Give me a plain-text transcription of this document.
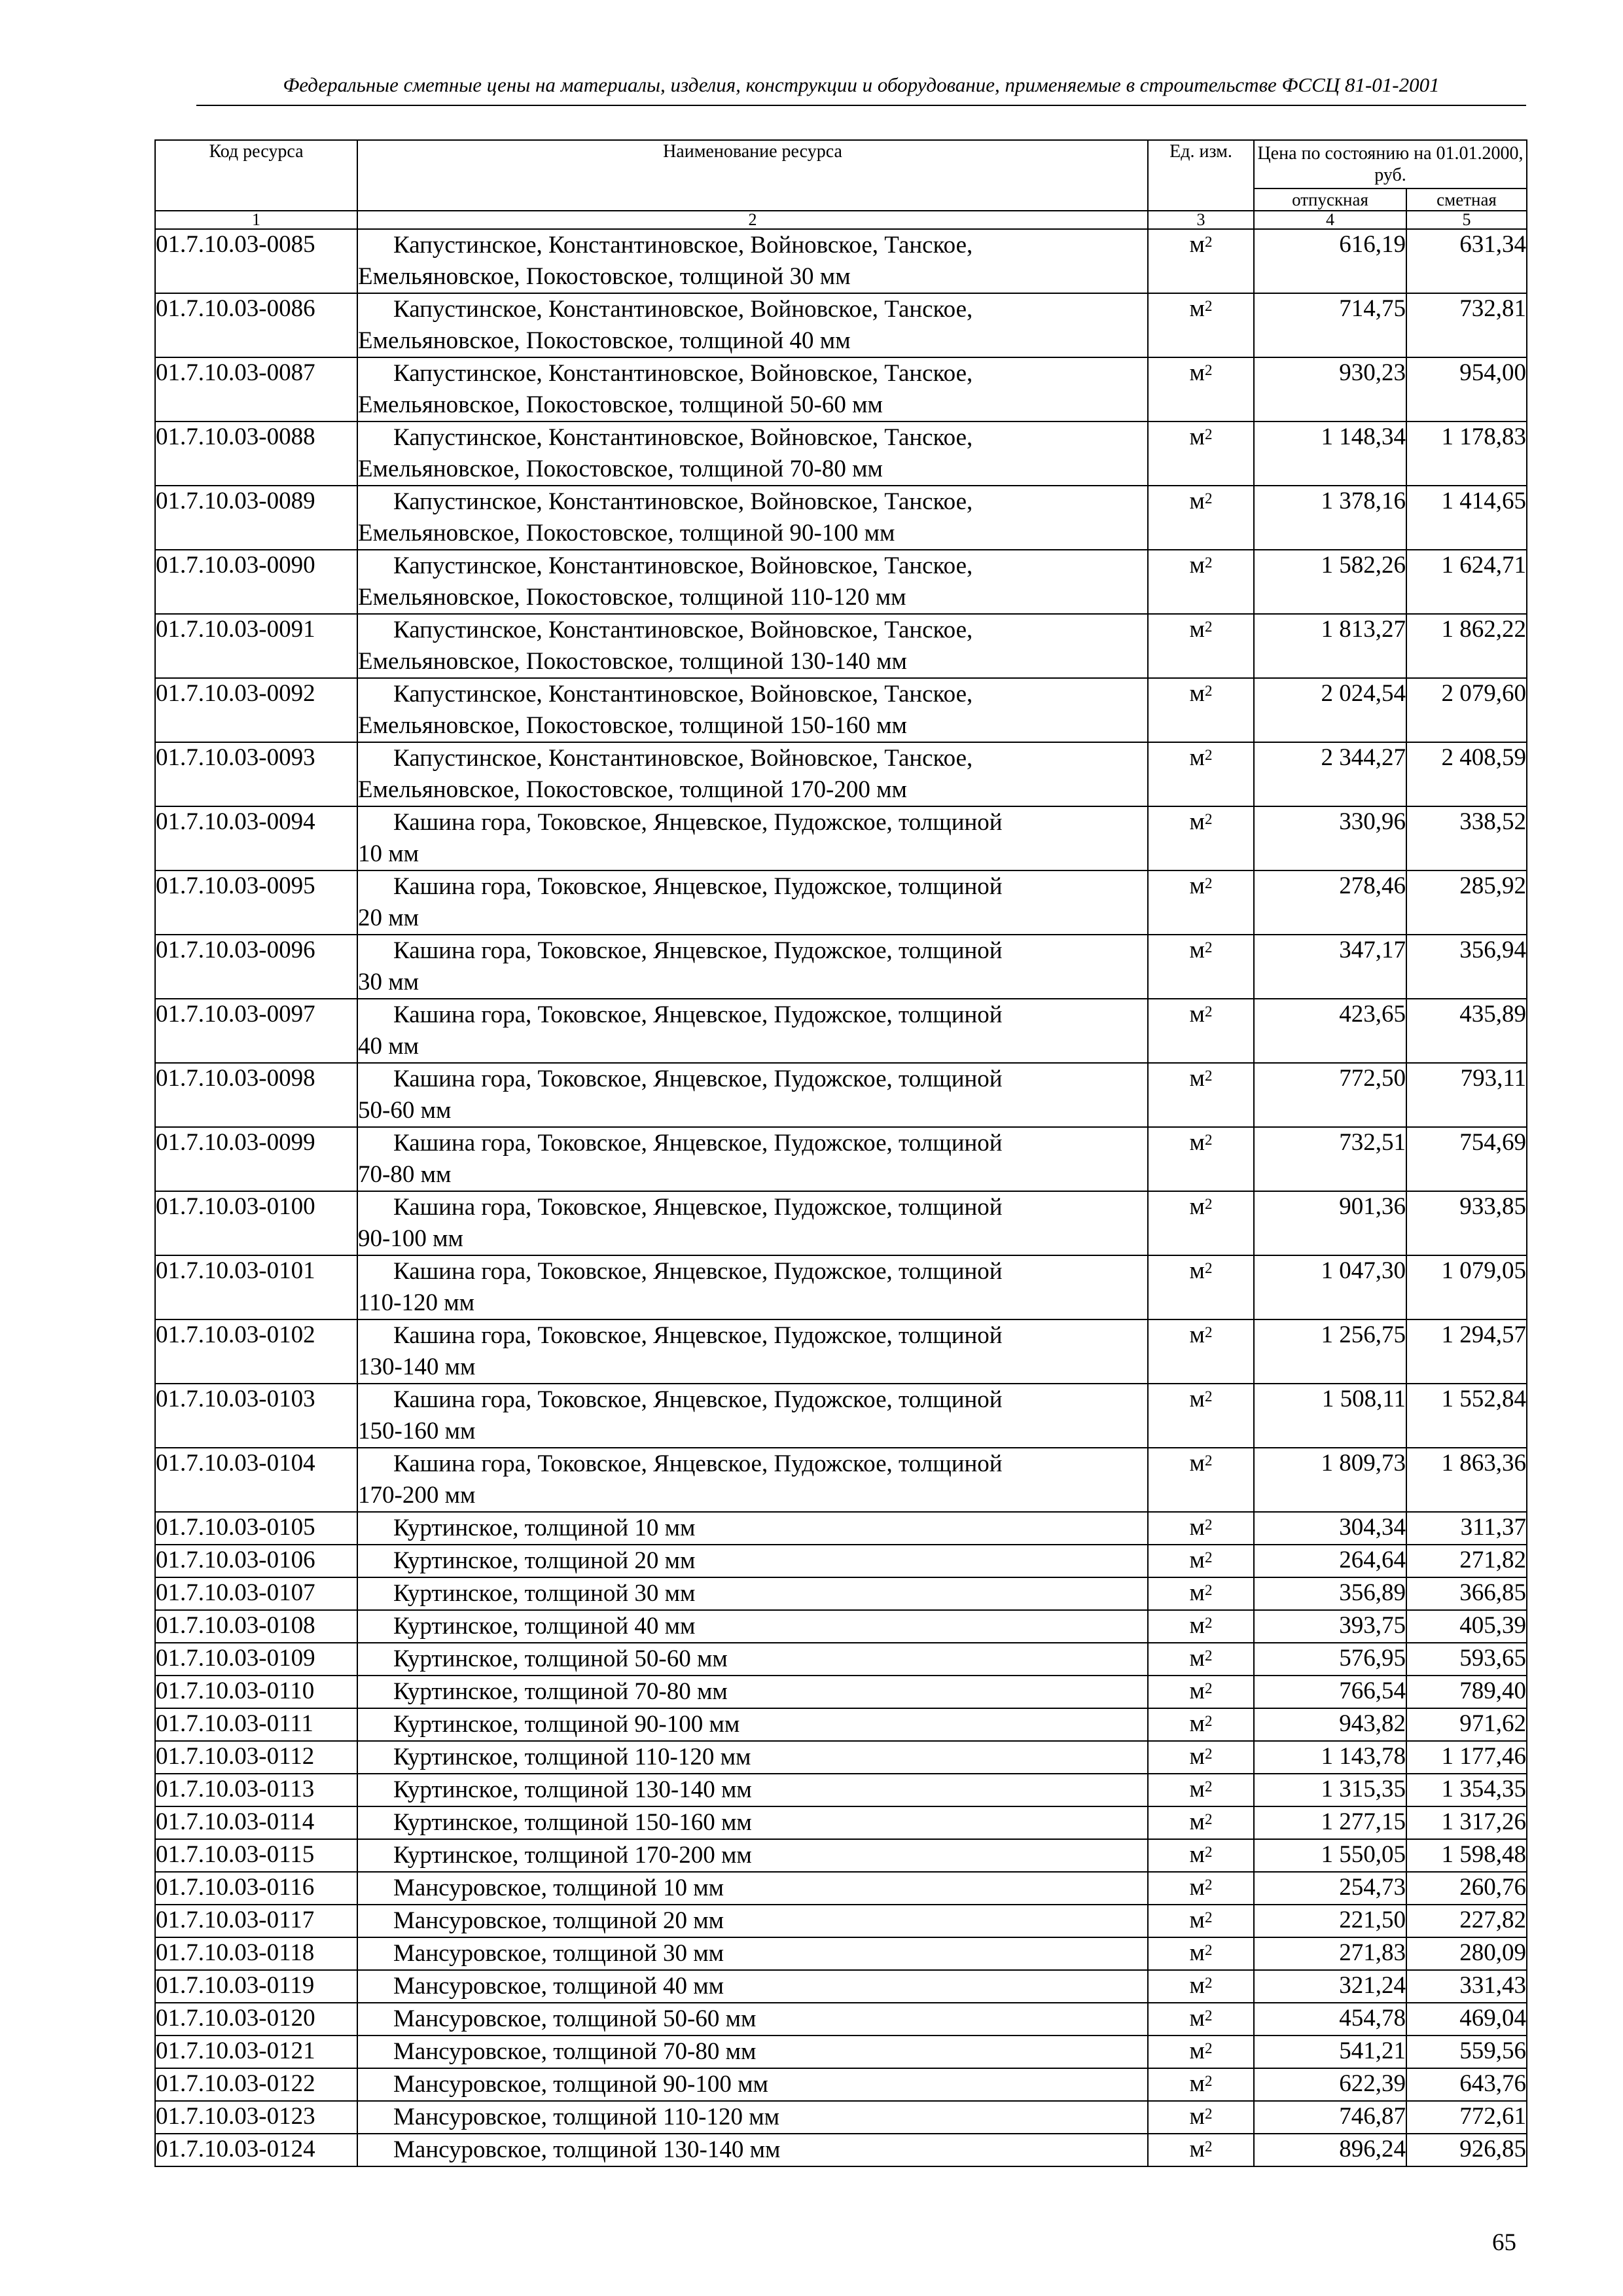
Федеральные сметные цены на материалы, изделия, конструкции и оборудование, применяемые в строительстве ФССЦ 81-01-2001
Код ресурса	Наименование ресурса	Ед. изм.	Цена по состоянию на 01.01.2000, руб.	
			отпускная	сметная
1	2	3	4	5
01.7.10.03-0085	Капустинское, Константиновское, Войновское, Танское,
Емельяновское, Покостовское, толщиной 30 мм	$м^2$	616,19	631,34
01.7.10.03-0086	Капустинское, Константиновское, Войновское, Танское,
Емельяновское, Покостовское, толщиной 40 мм	$м^2$	714,75	732,81
01.7.10.03-0087	Капустинское, Константиновское, Войновское, Танское,
Емельяновское, Покостовское, толщиной 50-60 мм	$м^2$	930,23	954,00
01.7.10.03-0088	Капустинское, Константиновское, Войновское, Танское,
Емельяновское, Покостовское, толщиной 70-80 мм	$м^2$	1 148,34	1 178,83
01.7.10.03-0089	Капустинское, Константиновское, Войновское, Танское,
Емельяновское, Покостовское, толщиной 90-100 мм	$м^2$	1 378,16	1 414,65
01.7.10.03-0090	Капустинское, Константиновское, Войновское, Танское,
Емельяновское, Покостовское, толщиной 110-120 мм	$м^2$	1 582,26	1 624,71
01.7.10.03-0091	Капустинское, Константиновское, Войновское, Танское,
Емельяновское, Покостовское, толщиной 130-140 мм	$м^2$	1 813,27	1 862,22
01.7.10.03-0092	Капустинское, Константиновское, Войновское, Танское,
Емельяновское, Покостовское, толщиной 150-160 мм	$м^2$	2 024,54	2 079,60
01.7.10.03-0093	Капустинское, Константиновское, Войновское, Танское,
Емельяновское, Покостовское, толщиной 170-200 мм	$м^2$	2 344,27	2 408,59
01.7.10.03-0094	Кашина гора, Токовское, Янцевское, Пудожское, толщиной
10 мм	$м^2$	330,96	338,52
01.7.10.03-0095	Кашина гора, Токовское, Янцевское, Пудожское, толщиной
20 мм	$м^2$	278,46	285,92
01.7.10.03-0096	Кашина гора, Токовское, Янцевское, Пудожское, толщиной
30 мм	$м^2$	347,17	356,94
01.7.10.03-0097	Кашина гора, Токовское, Янцевское, Пудожское, толщиной
40 мм	$м^2$	423,65	435,89
01.7.10.03-0098	Кашина гора, Токовское, Янцевское, Пудожское, толщиной
50-60 мм	$м^2$	772,50	793,11
01.7.10.03-0099	Кашина гора, Токовское, Янцевское, Пудожское, толщиной
70-80 мм	$м^2$	732,51	754,69
01.7.10.03-0100	Кашина гора, Токовское, Янцевское, Пудожское, толщиной
90-100 мм	$м^2$	901,36	933,85
01.7.10.03-0101	Кашина гора, Токовское, Янцевское, Пудожское, толщиной
110-120 мм	$м^2$	1 047,30	1 079,05
01.7.10.03-0102	Кашина гора, Токовское, Янцевское, Пудожское, толщиной
130-140 мм	$м^2$	1 256,75	1 294,57
01.7.10.03-0103	Кашина гора, Токовское, Янцевское, Пудожское, толщиной
150-160 мм	$м^2$	1 508,11	1 552,84
01.7.10.03-0104	Кашина гора, Токовское, Янцевское, Пудожское, толщиной
170-200 мм	$м^2$	1 809,73	1 863,36
01.7.10.03-0105	Куртинское, толщиной 10 мм	$м^2$	304,34	311,37
01.7.10.03-0106	Куртинское, толщиной 20 мм	$м^2$	264,64	271,82
01.7.10.03-0107	Куртинское, толщиной 30 мм	$м^2$	356,89	366,85
01.7.10.03-0108	Куртинское, толщиной 40 мм	$м^2$	393,75	405,39
01.7.10.03-0109	Куртинское, толщиной 50-60 мм	$м^2$	576,95	593,65
01.7.10.03-0110	Куртинское, толщиной 70-80 мм	$м^2$	766,54	789,40
01.7.10.03-0111	Куртинское, толщиной 90-100 мм	$м^2$	943,82	971,62
01.7.10.03-0112	Куртинское, толщиной 110-120 мм	$м^2$	1 143,78	1 177,46
01.7.10.03-0113	Куртинское, толщиной 130-140 мм	$м^2$	1 315,35	1 354,35
01.7.10.03-0114	Куртинское, толщиной 150-160 мм	$м^2$	1 277,15	1 317,26
01.7.10.03-0115	Куртинское, толщиной 170-200 мм	$м^2$	1 550,05	1 598,48
01.7.10.03-0116	Мансуровское, толщиной 10 мм	$м^2$	254,73	260,76
01.7.10.03-0117	Мансуровское, толщиной 20 мм	$м^2$	221,50	227,82
01.7.10.03-0118	Мансуровское, толщиной 30 мм	$м^2$	271,83	280,09
01.7.10.03-0119	Мансуровское, толщиной 40 мм	$м^2$	321,24	331,43
01.7.10.03-0120	Мансуровское, толщиной 50-60 мм	$м^2$	454,78	469,04
01.7.10.03-0121	Мансуровское, толщиной 70-80 мм	$м^2$	541,21	559,56
01.7.10.03-0122	Мансуровское, толщиной 90-100 мм	$м^2$	622,39	643,76
01.7.10.03-0123	Мансуровское, толщиной 110-120 мм	$м^2$	746,87	772,61
01.7.10.03-0124	Мансуровское, толщиной 130-140 мм	$м^2$	896,24	926,85
65
